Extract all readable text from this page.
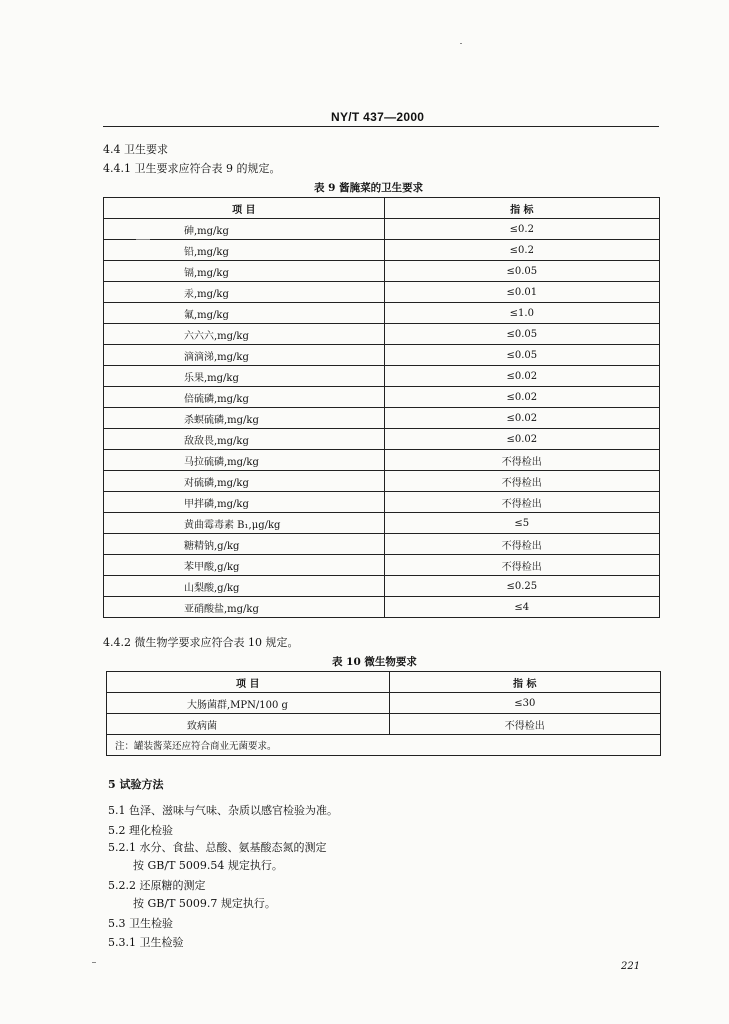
NY/T 437—2000
4.4 卫生要求
4.4.1 卫生要求应符合表 9 的规定。
表 9 酱腌菜的卫生要求
项 目	指 标
砷,mg/kg	≤0.2
铅,mg/kg	≤0.2
镉,mg/kg	≤0.05
汞,mg/kg	≤0.01
氟,mg/kg	≤1.0
六六六,mg/kg	≤0.05
滴滴涕,mg/kg	≤0.05
乐果,mg/kg	≤0.02
倍硫磷,mg/kg	≤0.02
杀螟硫磷,mg/kg	≤0.02
敌敌畏,mg/kg	≤0.02
马拉硫磷,mg/kg	不得检出
对硫磷,mg/kg	不得检出
甲拌磷,mg/kg	不得检出
黄曲霉毒素 B₁,μg/kg	≤5
糖精钠,g/kg	不得检出
苯甲酸,g/kg	不得检出
山梨酸,g/kg	≤0.25
亚硝酸盐,mg/kg	≤4
4.4.2 微生物学要求应符合表 10 规定。
表 10 微生物要求
项 目	指 标
大肠菌群,MPN/100 g	≤30
致病菌	不得检出
注：罐装酱菜还应符合商业无菌要求。	
5 试验方法
5.1 色泽、滋味与气味、杂质以感官检验为准。
5.2 理化检验
5.2.1 水分、食盐、总酸、氨基酸态氮的测定
按 GB/T 5009.54 规定执行。
5.2.2 还原糖的测定
按 GB/T 5009.7 规定执行。
5.3 卫生检验
5.3.1 卫生检验
221
